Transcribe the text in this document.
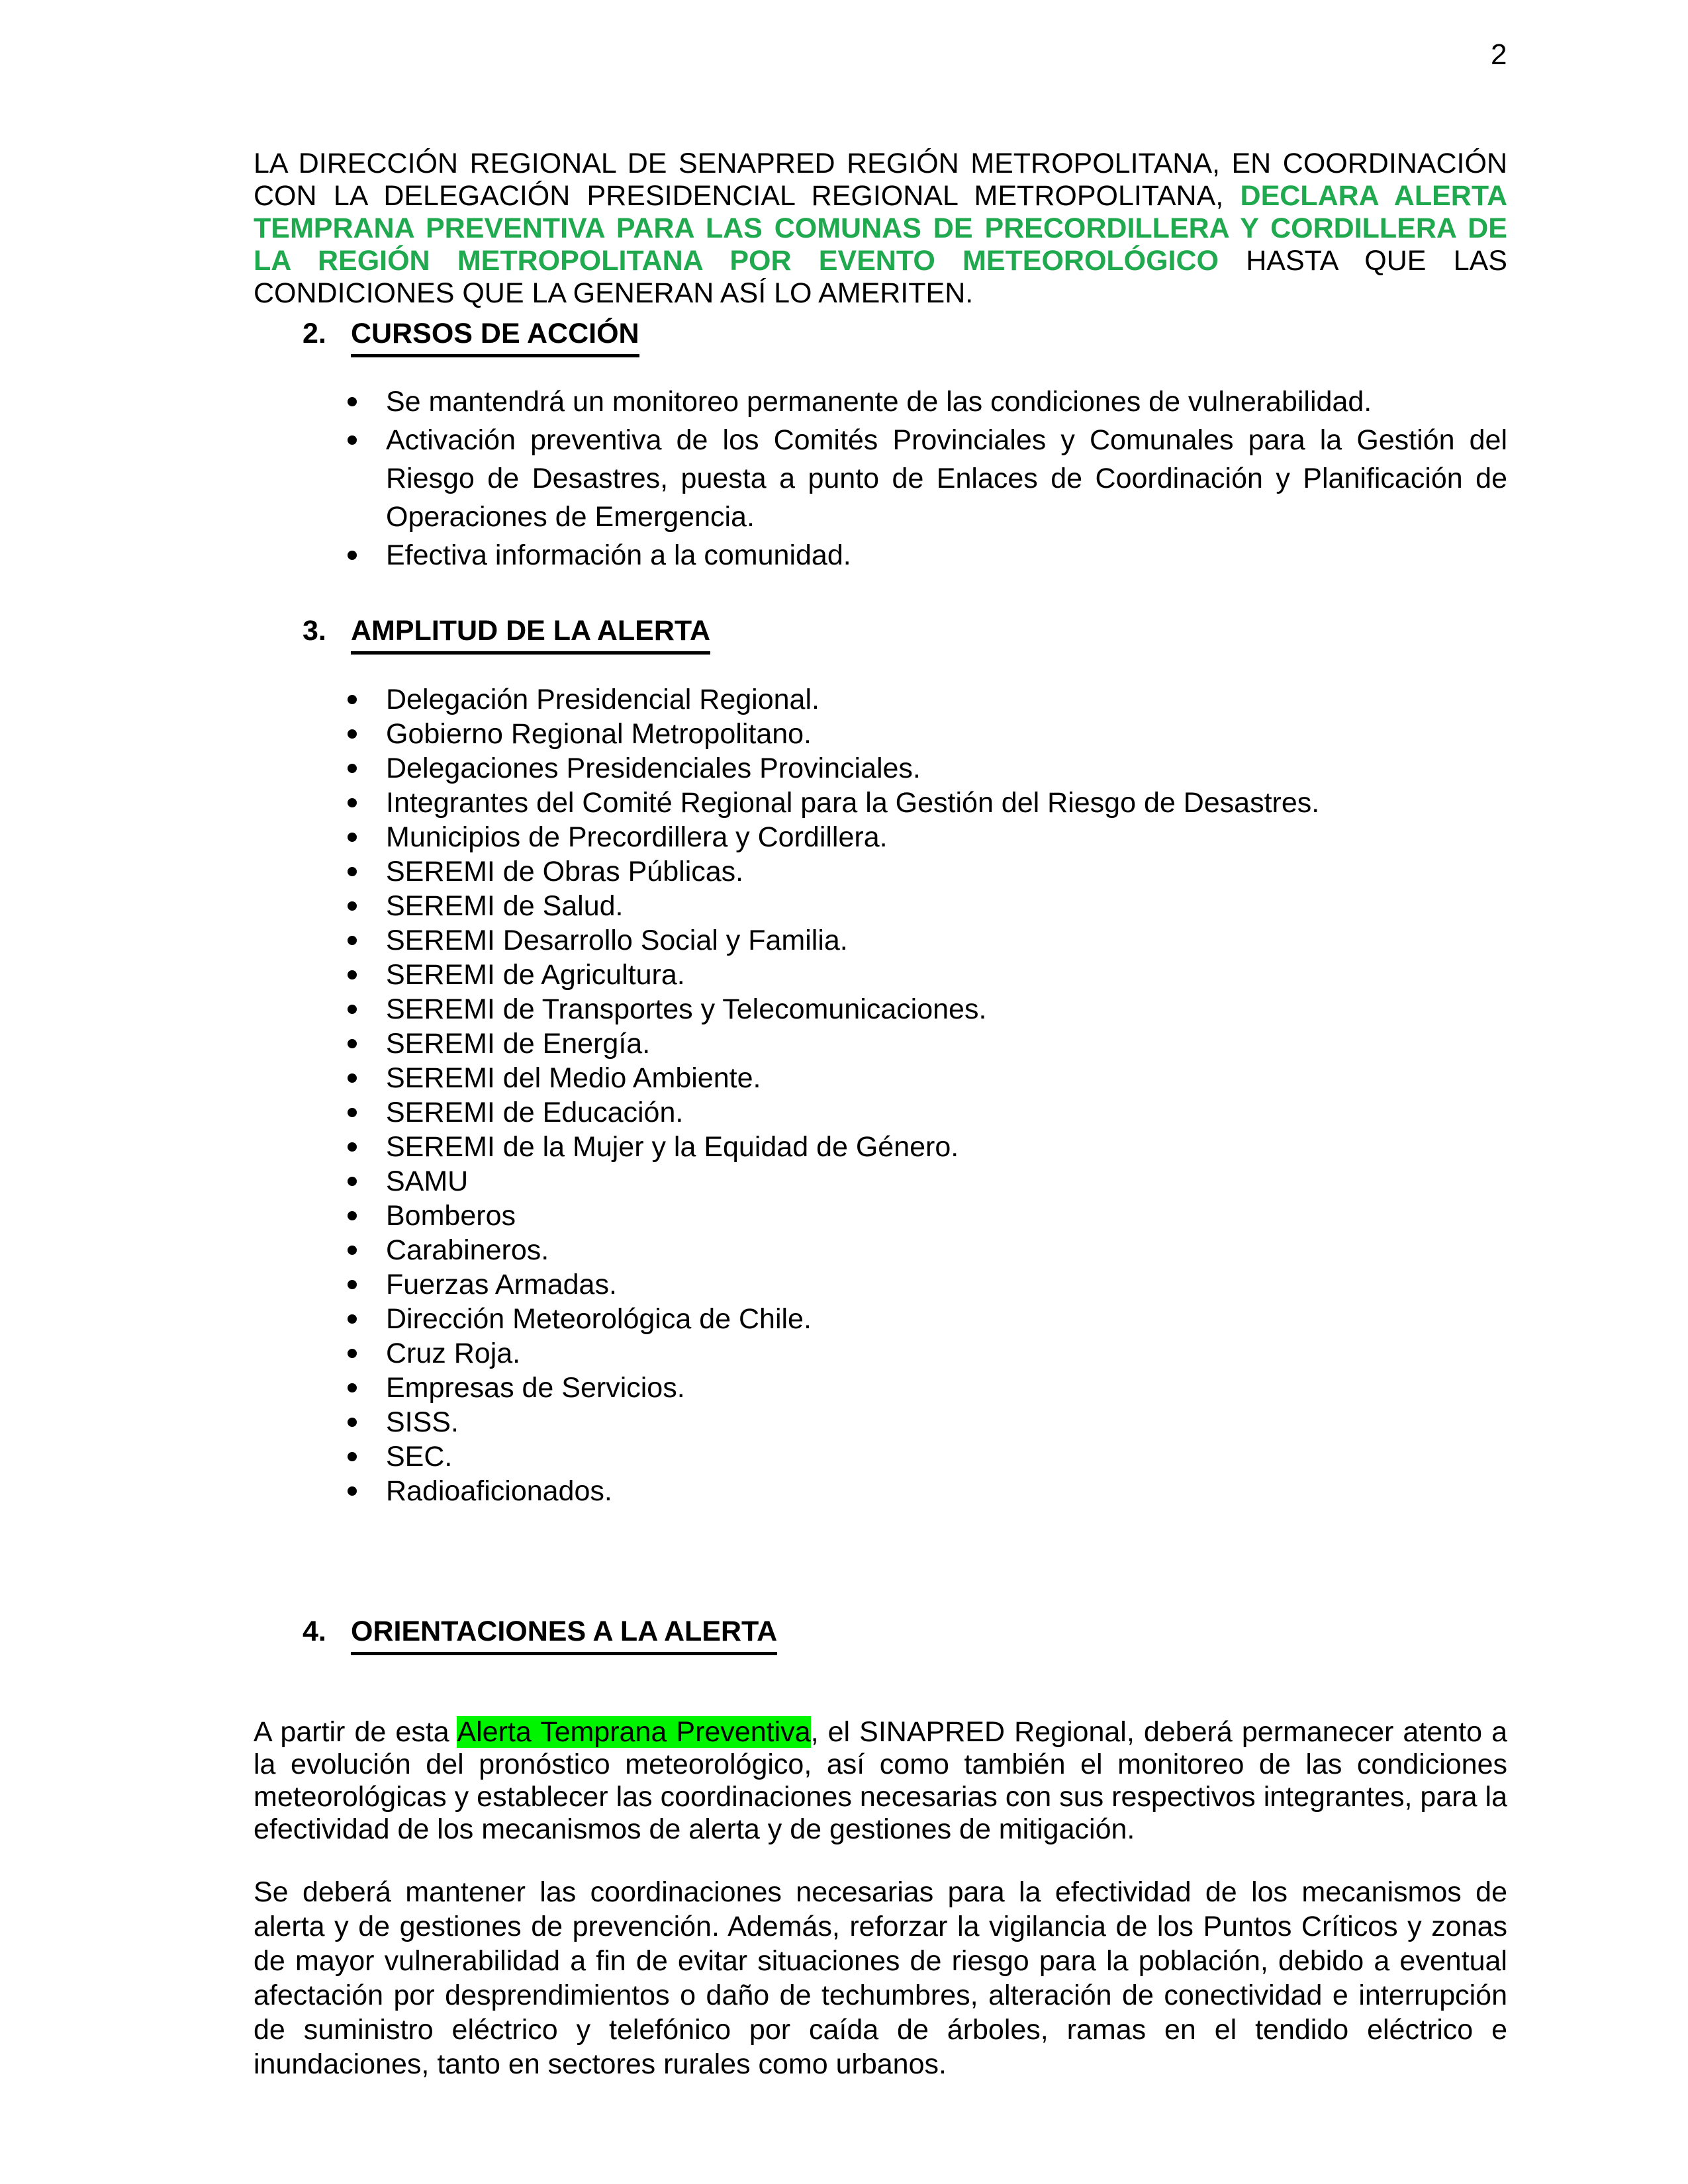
2

LA DIRECCIÓN REGIONAL DE SENAPRED REGIÓN METROPOLITANA, EN COORDINACIÓN CON LA DELEGACIÓN PRESIDENCIAL REGIONAL METROPOLITANA, DECLARA ALERTA TEMPRANA PREVENTIVA PARA LAS COMUNAS DE PRECORDILLERA Y CORDILLERA DE LA REGIÓN METROPOLITANA POR EVENTO METEOROLÓGICO HASTA QUE LAS CONDICIONES QUE LA GENERAN ASÍ LO AMERITEN.

2. CURSOS DE ACCIÓN
Se mantendrá un monitoreo permanente de las condiciones de vulnerabilidad.
Activación preventiva de los Comités Provinciales y Comunales para la Gestión del Riesgo de Desastres, puesta a punto de Enlaces de Coordinación y Planificación de Operaciones de Emergencia.
Efectiva información a la comunidad.
3. AMPLITUD DE LA ALERTA
Delegación Presidencial Regional.
Gobierno Regional Metropolitano.
Delegaciones Presidenciales Provinciales.
Integrantes del Comité Regional para la Gestión del Riesgo de Desastres.
Municipios de Precordillera y Cordillera.
SEREMI de Obras Públicas.
SEREMI de Salud.
SEREMI Desarrollo Social y Familia.
SEREMI de Agricultura.
SEREMI de Transportes y Telecomunicaciones.
SEREMI de Energía.
SEREMI del Medio Ambiente.
SEREMI de Educación.
SEREMI de la Mujer y la Equidad de Género.
SAMU
Bomberos
Carabineros.
Fuerzas Armadas.
Dirección Meteorológica de Chile.
Cruz Roja.
Empresas de Servicios.
SISS.
SEC.
Radioaficionados.
4. ORIENTACIONES A LA ALERTA

A partir de esta Alerta Temprana Preventiva, el SINAPRED Regional, deberá permanecer atento a la evolución del pronóstico meteorológico, así como también el monitoreo de las condiciones meteorológicas y establecer las coordinaciones necesarias con sus respectivos integrantes, para la efectividad de los mecanismos de alerta y de gestiones de mitigación.

Se deberá mantener las coordinaciones necesarias para la efectividad de los mecanismos de alerta y de gestiones de prevención. Además, reforzar la vigilancia de los Puntos Críticos y zonas de mayor vulnerabilidad a fin de evitar situaciones de riesgo para la población, debido a eventual afectación por desprendimientos o daño de techumbres, alteración de conectividad e interrupción de suministro eléctrico y telefónico por caída de árboles, ramas en el tendido eléctrico e inundaciones, tanto en sectores rurales como urbanos.
